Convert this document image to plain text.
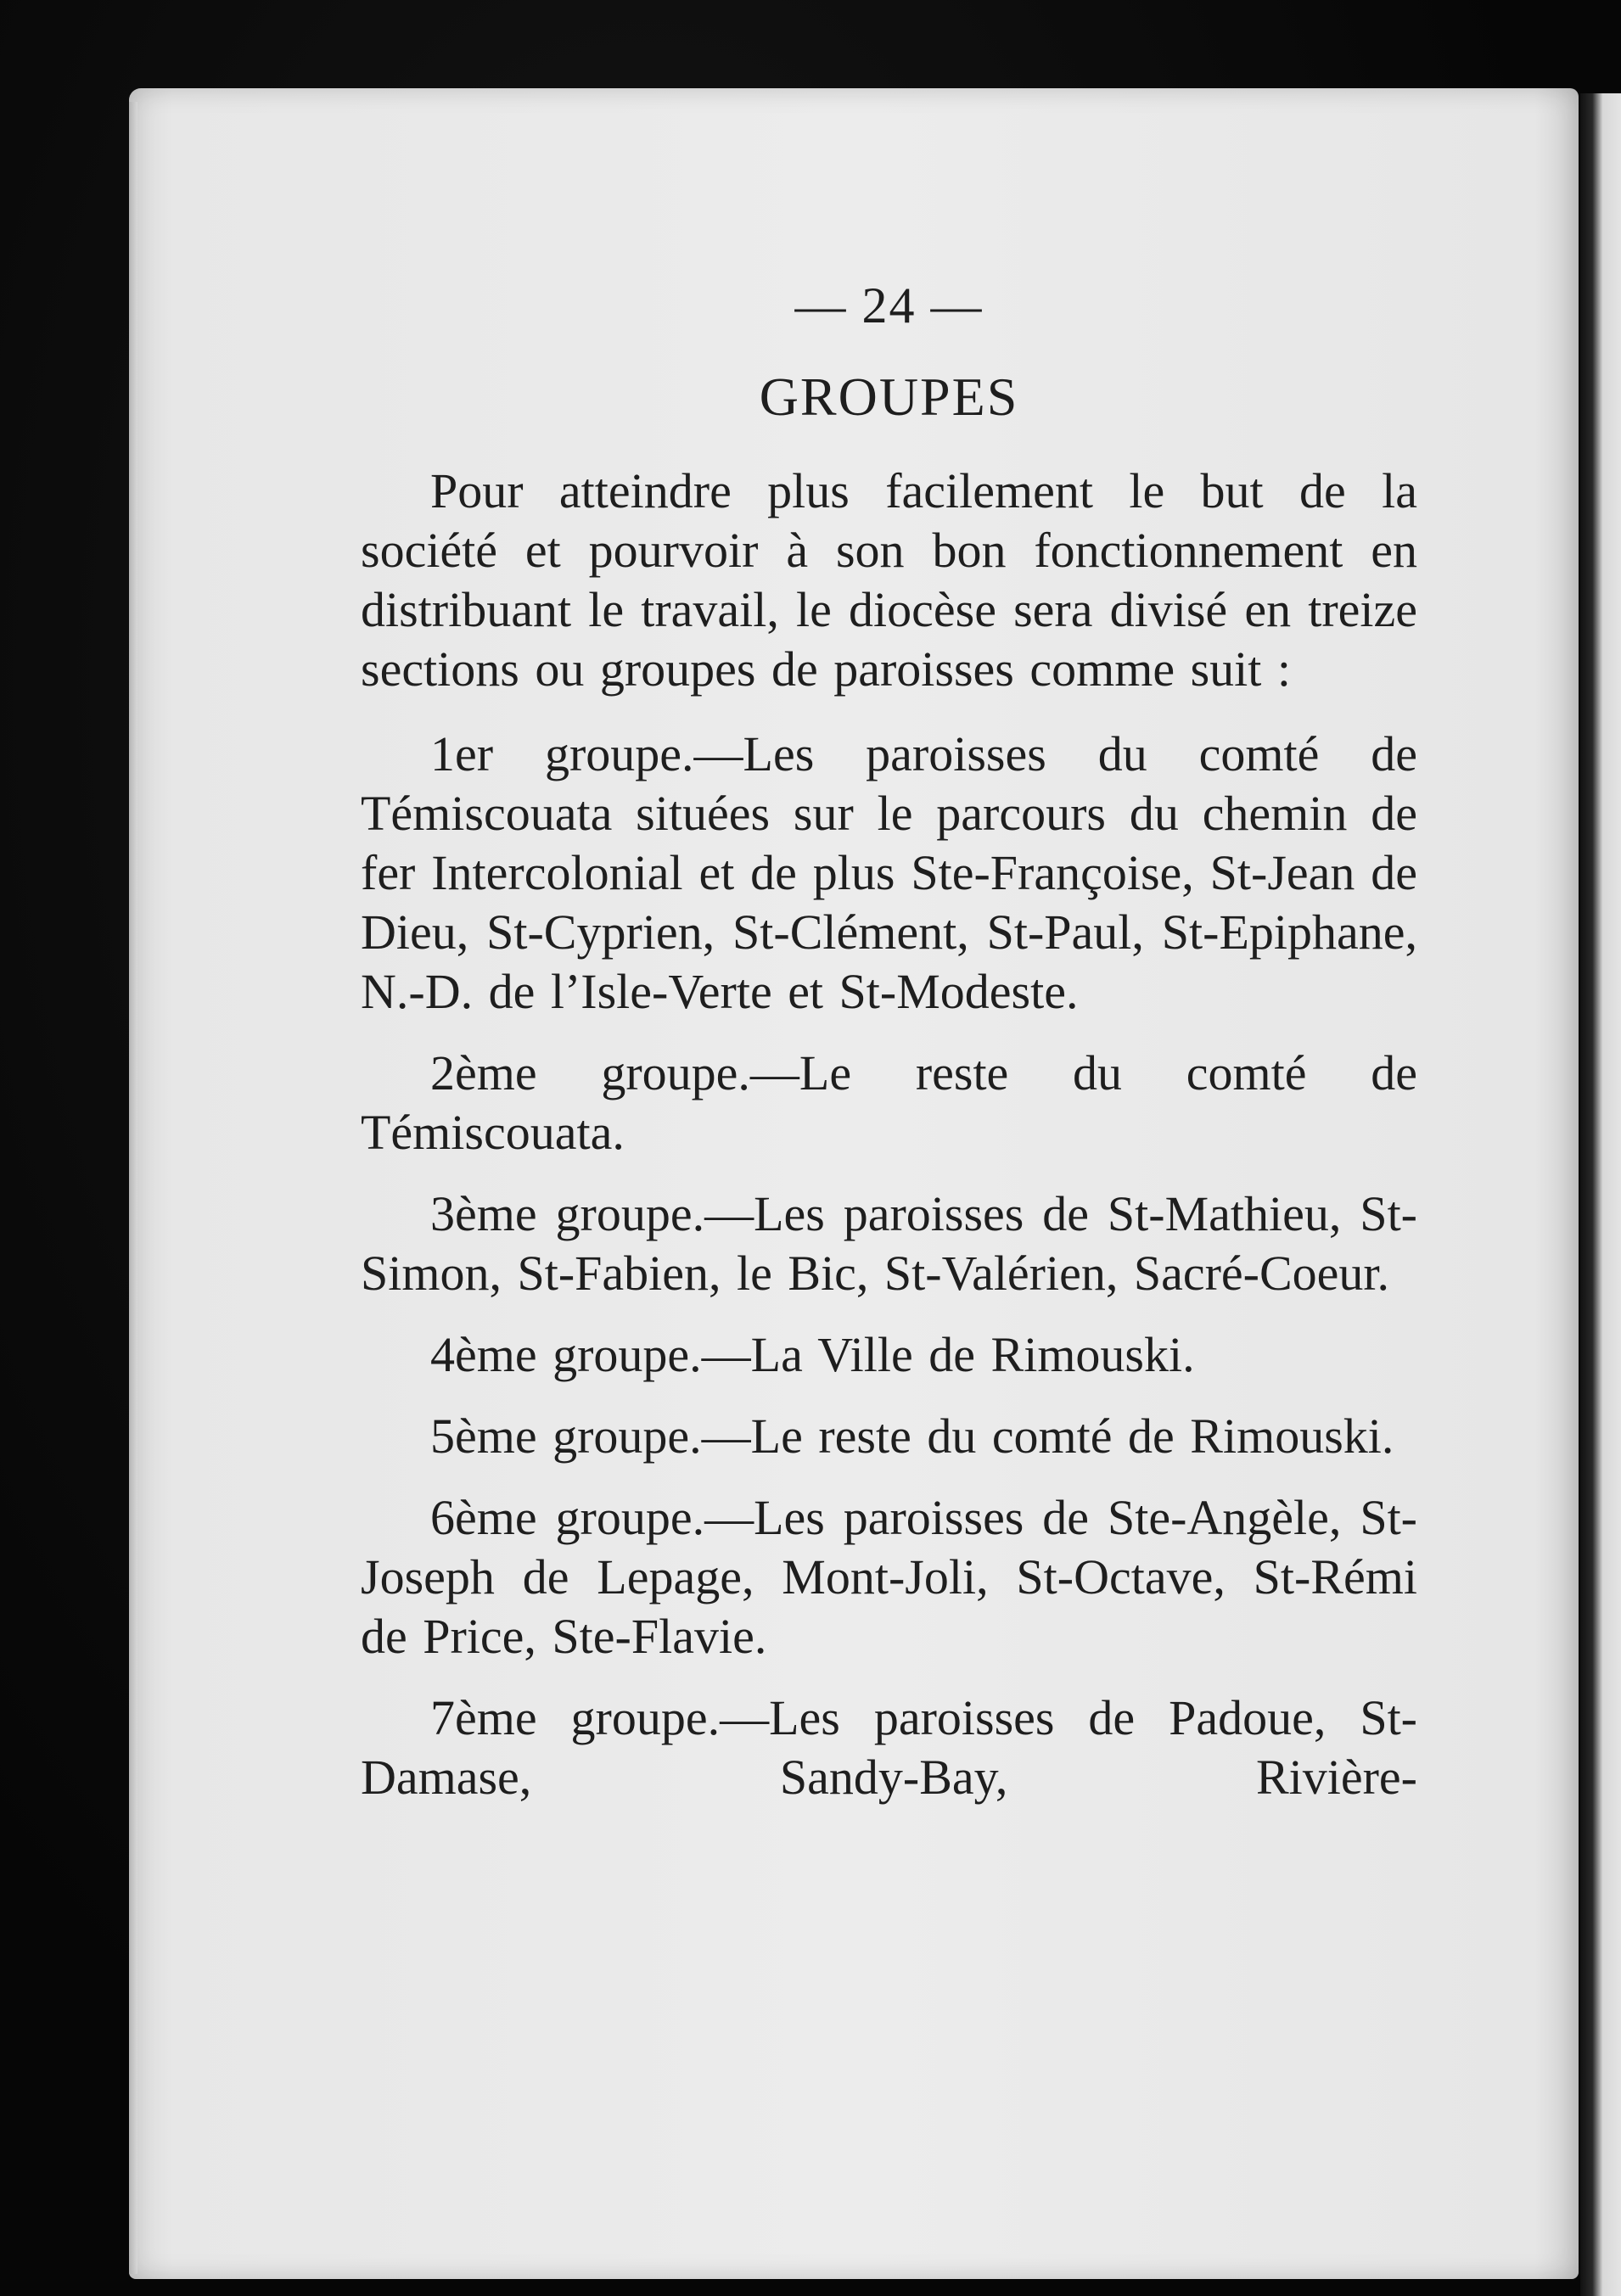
— 24 —
GROUPES

Pour atteindre plus facilement le but de la société et pourvoir à son bon fonctionnement en distribuant le travail, le diocèse sera divisé en treize sections ou groupes de paroisses comme suit :

1er groupe.—Les paroisses du comté de Témiscouata situées sur le parcours du chemin de fer Intercolonial et de plus Ste-Françoise, St-Jean de Dieu, St-Cyprien, St-Clément, St-Paul, St-Epiphane, N.-D. de l’Isle-Verte et St-Modeste.

2ème groupe.—Le reste du comté de Témiscouata.

3ème groupe.—Les paroisses de St-Mathieu, St-Simon, St-Fabien, le Bic, St-Valérien, Sacré-Coeur.

4ème groupe.—La Ville de Rimouski.

5ème groupe.—Le reste du comté de Rimouski.

6ème groupe.—Les paroisses de Ste-Angèle, St-Joseph de Lepage, Mont-Joli, St-Octave, St-Rémi de Price, Ste-Flavie.

7ème groupe.—Les paroisses de Padoue, St-Damase, Sandy-Bay, Rivière-
